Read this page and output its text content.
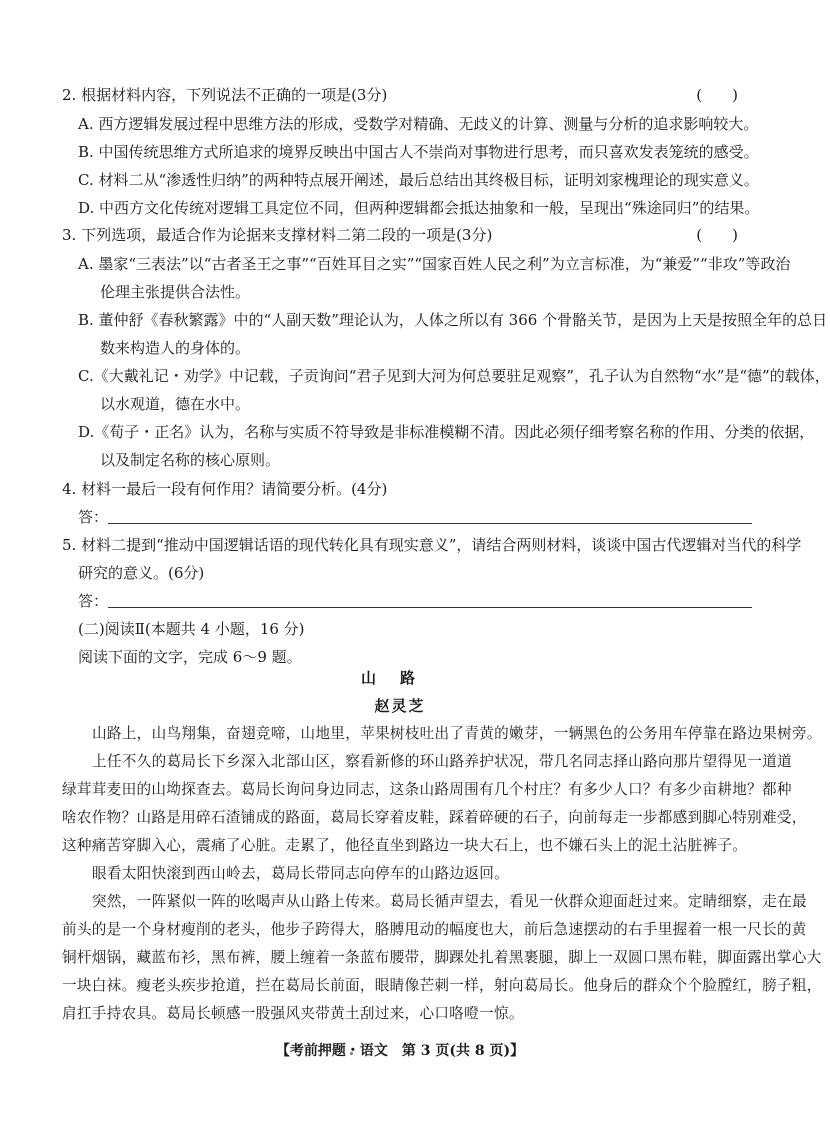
2. 根据材料内容，下列说法不正确的一项是(3分)	(　　)
A. 西方逻辑发展过程中思维方法的形成，受数学对精确、无歧义的计算、测量与分析的追求影响较大。
B. 中国传统思维方式所追求的境界反映出中国古人不崇尚对事物进行思考，而只喜欢发表笼统的感受。
C. 材料二从“渗透性归纳”的两种特点展开阐述，最后总结出其终极目标，证明刘家槐理论的现实意义。
D. 中西方文化传统对逻辑工具定位不同，但两种逻辑都会抵达抽象和一般，呈现出“殊途同归”的结果。
3. 下列选项，最适合作为论据来支撑材料二第二段的一项是(3分)	(　　)
A. 墨家“三表法”以“古者圣王之事”“百姓耳目之实”“国家百姓人民之利”为立言标准，为“兼爱”“非攻”等政治
伦理主张提供合法性。
B. 董仲舒《春秋繁露》中的“人副天数”理论认为，人体之所以有 366 个骨骼关节，是因为上天是按照全年的总日
数来构造人的身体的。
C.《大戴礼记・劝学》中记载，子贡询问“君子见到大河为何总要驻足观察”，孔子认为自然物“水”是“德”的载体，
以水观道，德在水中。
D.《荀子・正名》认为，名称与实质不符导致是非标准模糊不清。因此必须仔细考察名称的作用、分类的依据，
以及制定名称的核心原则。
4. 材料一最后一段有何作用？请简要分析。(4分)
答：
5. 材料二提到“推动中国逻辑话语的现代转化具有现实意义”，请结合两则材料，谈谈中国古代逻辑对当代的科学
研究的意义。(6分)
答：
(二)阅读Ⅱ(本题共 4 小题，16 分)
阅读下面的文字，完成 6～9 题。
山路
赵灵芝
山路上，山鸟翔集，奋翅竞啼，山地里，苹果树枝吐出了青黄的嫩芽，一辆黑色的公务用车停靠在路边果树旁。
上任不久的葛局长下乡深入北部山区，察看新修的环山路养护状况，带几名同志择山路向那片望得见一道道
绿茸茸麦田的山坳探查去。葛局长询问身边同志，这条山路周围有几个村庄？有多少人口？有多少亩耕地？都种
啥农作物？山路是用碎石渣铺成的路面，葛局长穿着皮鞋，踩着碎硬的石子，向前每走一步都感到脚心特别难受，
这种痛苦穿脚入心，震痛了心脏。走累了，他径直坐到路边一块大石上，也不嫌石头上的泥土沾脏裤子。
眼看太阳快滚到西山岭去，葛局长带同志向停车的山路边返回。
突然，一阵紧似一阵的吆喝声从山路上传来。葛局长循声望去，看见一伙群众迎面赶过来。定睛细察，走在最
前头的是一个身材瘦削的老头，他步子跨得大，胳膊甩动的幅度也大，前后急速摆动的右手里握着一根一尺长的黄
铜杆烟锅，藏蓝布衫，黑布裤，腰上缠着一条蓝布腰带，脚踝处扎着黑裹腿，脚上一双圆口黑布鞋，脚面露出掌心大
一块白袜。瘦老头疾步抢道，拦在葛局长前面，眼睛像芒刺一样，射向葛局长。他身后的群众个个脸膛红，膀子粗，
肩扛手持农具。葛局长顿感一股强风夹带黄土刮过来，心口咯噔一惊。
【考前押题・语文　第 3 页(共 8 页)】
